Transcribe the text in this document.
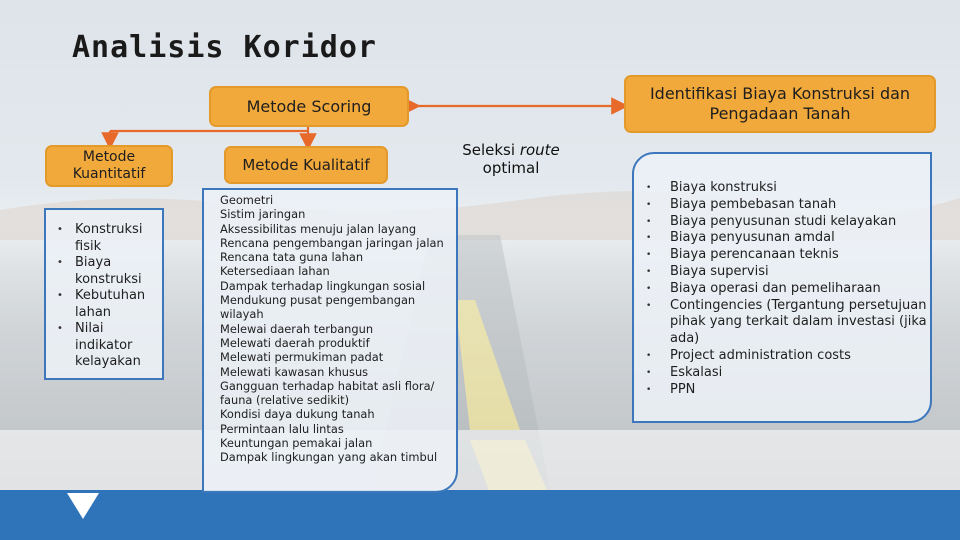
Analisis Koridor
Metode Scoring
Identifikasi Biaya Konstruksi dan Pengadaan Tanah
Metode Kuantitatif	Metode Kualitatif
Seleksi route
optimal
• Konstruksi fisik
• Biaya konstruksi
• Kebutuhan lahan
• Nilai indikator kelayakan
Geometri
Sistim jaringan
Aksessibilitas menuju jalan layang
Rencana pengembangan jaringan jalan
Rencana tata guna lahan
Ketersediaan lahan
Dampak terhadap lingkungan sosial
Mendukung pusat pengembangan wilayah
Melewai daerah terbangun
Melewati daerah produktif
Melewati permukiman padat
Melewati kawasan khusus
Gangguan terhadap habitat asli flora/ fauna (relative sedikit)
Kondisi daya dukung tanah
Permintaan lalu lintas
Keuntungan pemakai jalan
Dampak lingkungan yang akan timbul
• Biaya konstruksi
• Biaya pembebasan tanah
• Biaya penyusunan studi kelayakan
• Biaya penyusunan amdal
• Biaya perencanaan teknis
• Biaya supervisi
• Biaya operasi dan pemeliharaan
• Contingencies (Tergantung persetujuan pihak yang terkait dalam investasi (jika ada)
• Project administration costs
• Eskalasi
• PPN
